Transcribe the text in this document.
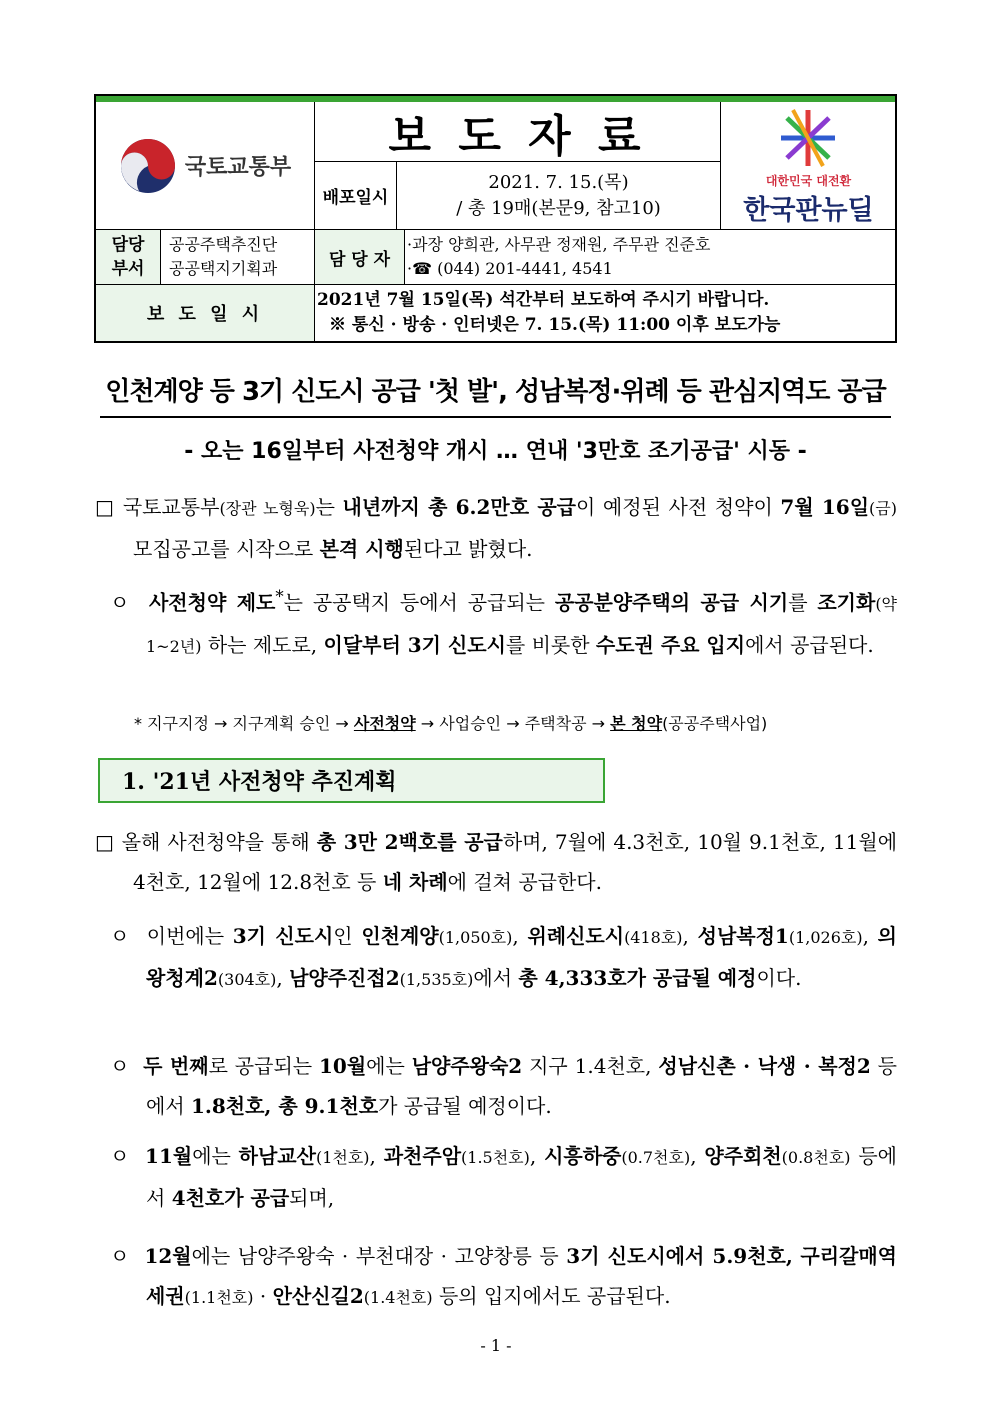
국토교통부
보 도 자 료
배포일시
2021. 7. 15.(목)
/ 총 19매(본문9, 참고10)
대한민국 대전환
한국판뉴딜
담당
부서
공공주택추진단
공공택지기획과	담 당 자
·과장 양희관, 사무관 정재원, 주무관 진준호
·☎ (044) 201-4441, 4541
보 도 일 시
2021년 7월 15일(목) 석간부터 보도하여 주시기 바랍니다.
※ 통신 · 방송 · 인터넷은 7. 15.(목) 11:00 이후 보도가능
인천계양 등 3기 신도시 공급 '첫 발', 성남복정·위례 등 관심지역도 공급
- 오는 16일부터 사전청약 개시 … 연내 '3만호 조기공급' 시동 -
□ 국토교통부(장관 노형욱)는 내년까지 총 6.2만호 공급이 예정된 사전 청약이 7월 16일(금) 모집공고를 시작으로 본격 시행된다고 밝혔다.
ㅇ 사전청약 제도*는 공공택지 등에서 공급되는 공공분양주택의 공급 시기를 조기화(약 1~2년) 하는 제도로, 이달부터 3기 신도시를 비롯한 수도권 주요 입지에서 공급된다.
* 지구지정 → 지구계획 승인 → 사전청약 → 사업승인 → 주택착공 → 본 청약(공공주택사업)
1. '21년 사전청약 추진계획
□ 올해 사전청약을 통해 총 3만 2백호를 공급하며, 7월에 4.3천호, 10월 9.1천호, 11월에 4천호, 12월에 12.8천호 등 네 차례에 걸쳐 공급한다.
ㅇ 이번에는 3기 신도시인 인천계양(1,050호), 위례신도시(418호), 성남복정1(1,026호), 의왕청계2(304호), 남양주진접2(1,535호)에서 총 4,333호가 공급될 예정이다.
ㅇ 두 번째로 공급되는 10월에는 남양주왕숙2 지구 1.4천호, 성남신촌 · 낙생 · 복정2 등에서 1.8천호, 총 9.1천호가 공급될 예정이다.
ㅇ 11월에는 하남교산(1천호), 과천주암(1.5천호), 시흥하중(0.7천호), 양주회천(0.8천호) 등에서 4천호가 공급되며,
ㅇ 12월에는 남양주왕숙 · 부천대장 · 고양창릉 등 3기 신도시에서 5.9천호, 구리갈매역세권(1.1천호) · 안산신길2(1.4천호) 등의 입지에서도 공급된다.
- 1 -
